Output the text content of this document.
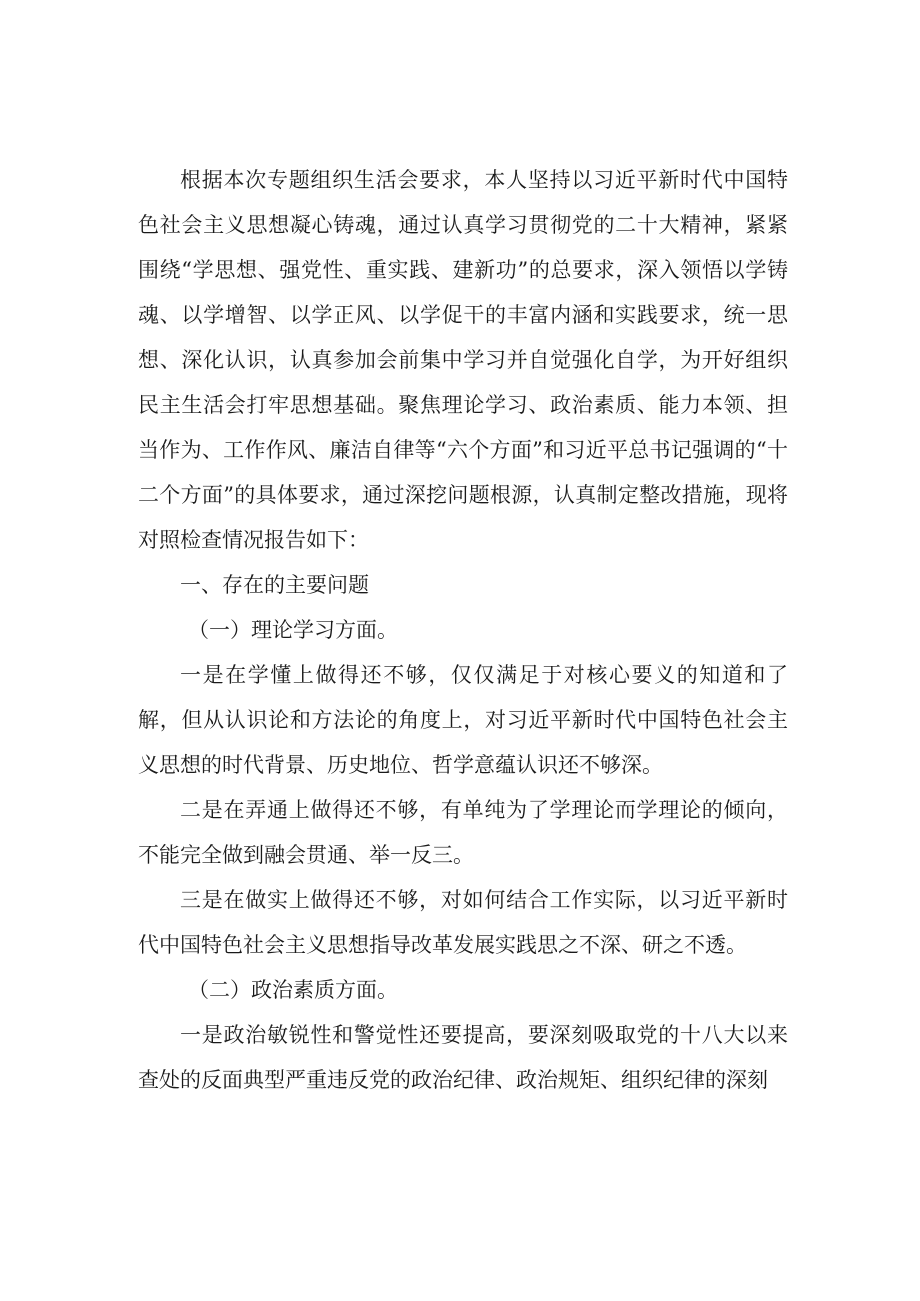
根据本次专题组织生活会要求，本人坚持以习近平新时代中国特色社会主义思想凝心铸魂，通过认真学习贯彻党的二十大精神，紧紧围绕“学思想、强党性、重实践、建新功”的总要求，深入领悟以学铸魂、以学增智、以学正风、以学促干的丰富内涵和实践要求，统一思想、深化认识，认真参加会前集中学习并自觉强化自学，为开好组织民主生活会打牢思想基础。聚焦理论学习、政治素质、能力本领、担当作为、工作作风、廉洁自律等“六个方面”和习近平总书记强调的“十二个方面”的具体要求，通过深挖问题根源，认真制定整改措施，现将对照检查情况报告如下：

一、存在的主要问题

（一）理论学习方面。

一是在学懂上做得还不够，仅仅满足于对核心要义的知道和了解，但从认识论和方法论的角度上，对习近平新时代中国特色社会主义思想的时代背景、历史地位、哲学意蕴认识还不够深。

二是在弄通上做得还不够，有单纯为了学理论而学理论的倾向，不能完全做到融会贯通、举一反三。

三是在做实上做得还不够，对如何结合工作实际，以习近平新时代中国特色社会主义思想指导改革发展实践思之不深、研之不透。

（二）政治素质方面。

一是政治敏锐性和警觉性还要提高，要深刻吸取党的十八大以来查处的反面典型严重违反党的政治纪律、政治规矩、组织纪律的深刻
